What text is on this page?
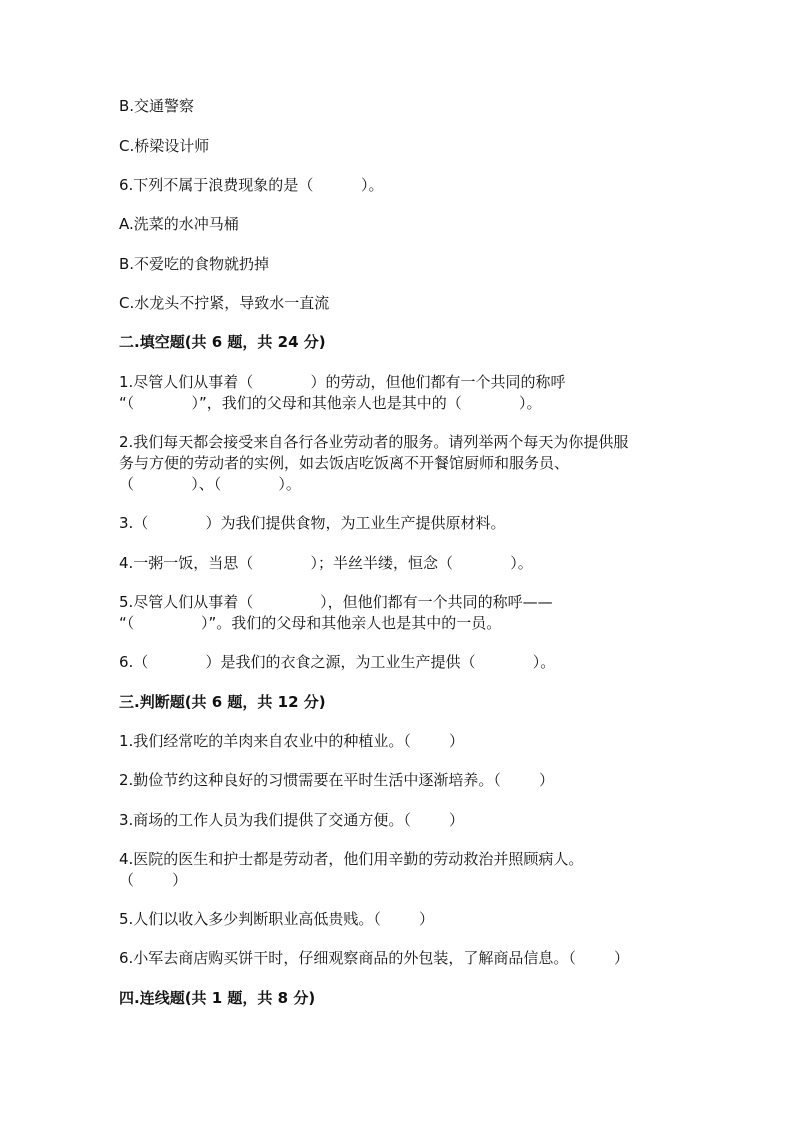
B.交通警察
C.桥梁设计师
6.下列不属于浪费现象的是（          ）。
A.洗菜的水冲马桶
B.不爱吃的食物就扔掉
C.水龙头不拧紧，导致水一直流
二.填空题(共 6 题，共 24 分)
1.尽管人们从事着（            ）的劳动，但他们都有一个共同的称呼
“（            ）”，我们的父母和其他亲人也是其中的（            ）。
2.我们每天都会接受来自各行各业劳动者的服务。请列举两个每天为你提供服
务与方便的劳动者的实例，如去饭店吃饭离不开餐馆厨师和服务员、
（            ）、（            ）。
3.（            ）为我们提供食物，为工业生产提供原材料。
4.一粥一饭，当思（            ）；半丝半缕，恒念（            ）。
5.尽管人们从事着（              ），但他们都有一个共同的称呼——
“（              ）”。我们的父母和其他亲人也是其中的一员。
6.（            ）是我们的衣食之源，为工业生产提供（            ）。
三.判断题(共 6 题，共 12 分)
1.我们经常吃的羊肉来自农业中的种植业。（        ）
2.勤俭节约这种良好的习惯需要在平时生活中逐渐培养。（        ）
3.商场的工作人员为我们提供了交通方便。（        ）
4.医院的医生和护士都是劳动者，他们用辛勤的劳动救治并照顾病人。
（        ）
5.人们以收入多少判断职业高低贵贱。（        ）
6.小军去商店购买饼干时，仔细观察商品的外包装，了解商品信息。（        ）
四.连线题(共 1 题，共 8 分)
